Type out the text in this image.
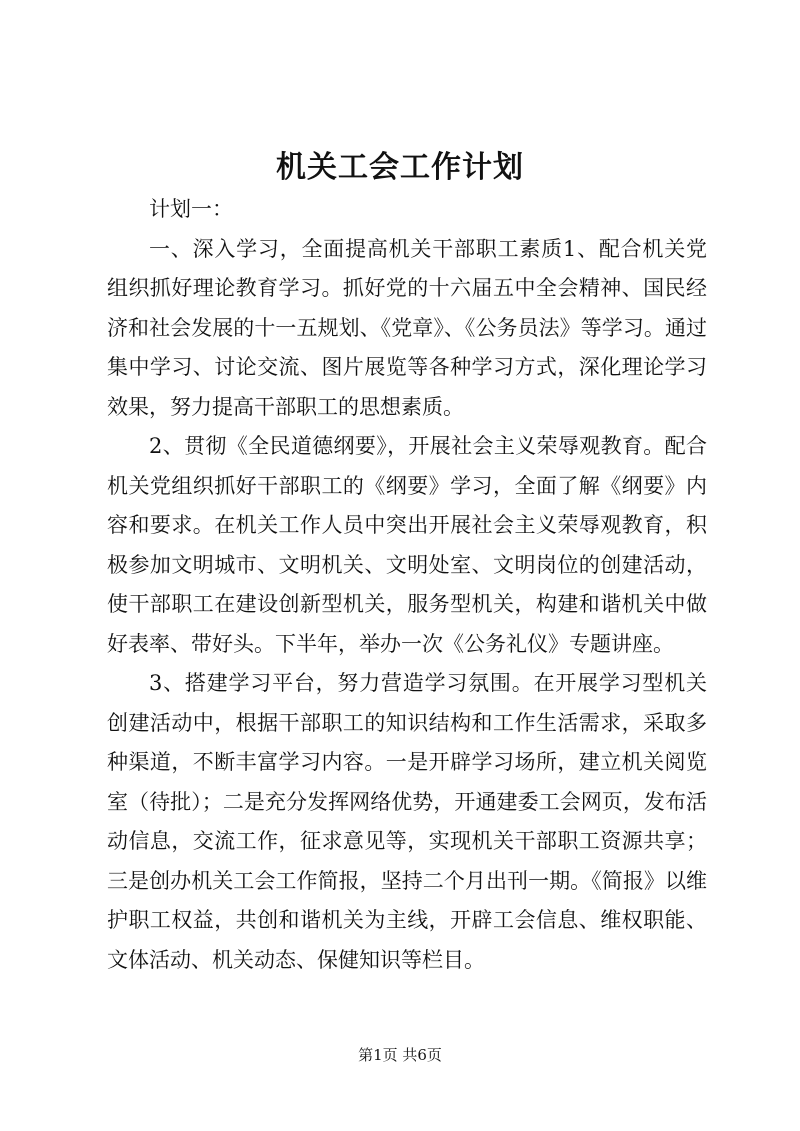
机关工会工作计划

计划一：

一、深入学习，全面提高机关干部职工素质1、配合机关党组织抓好理论教育学习。抓好党的十六届五中全会精神、国民经济和社会发展的十一五规划、《党章》、《公务员法》等学习。通过集中学习、讨论交流、图片展览等各种学习方式，深化理论学习效果，努力提高干部职工的思想素质。

2、贯彻《全民道德纲要》，开展社会主义荣辱观教育。配合机关党组织抓好干部职工的《纲要》学习，全面了解《纲要》内容和要求。在机关工作人员中突出开展社会主义荣辱观教育，积极参加文明城市、文明机关、文明处室、文明岗位的创建活动，使干部职工在建设创新型机关，服务型机关，构建和谐机关中做好表率、带好头。下半年，举办一次《公务礼仪》专题讲座。

3、搭建学习平台，努力营造学习氛围。在开展学习型机关创建活动中，根据干部职工的知识结构和工作生活需求，采取多种渠道，不断丰富学习内容。一是开辟学习场所，建立机关阅览室（待批）；二是充分发挥网络优势，开通建委工会网页，发布活动信息，交流工作，征求意见等，实现机关干部职工资源共享；三是创办机关工会工作简报，坚持二个月出刊一期。《简报》以维护职工权益，共创和谐机关为主线，开辟工会信息、维权职能、文体活动、机关动态、保健知识等栏目。

第1页 共6页
